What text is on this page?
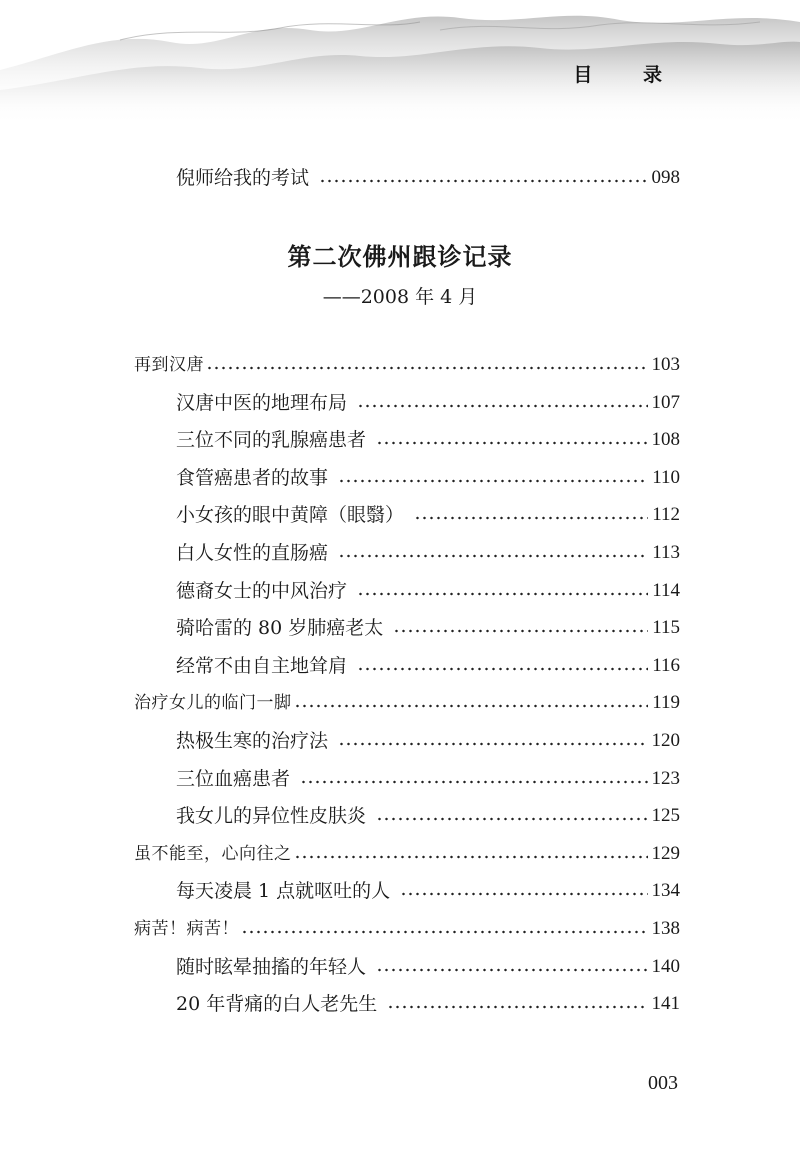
目 录
倪师给我的考试	098
第二次佛州跟诊记录
——2008 年 4 月
再到汉唐	103
汉唐中医的地理布局	107
三位不同的乳腺癌患者	108
食管癌患者的故事	110
小女孩的眼中黄障（眼翳）	112
白人女性的直肠癌	113
德裔女士的中风治疗	114
骑哈雷的 80 岁肺癌老太	115
经常不由自主地耸肩	116
治疗女儿的临门一脚	119
热极生寒的治疗法	120
三位血癌患者	123
我女儿的异位性皮肤炎	125
虽不能至，心向往之	129
每天凌晨 1 点就呕吐的人	134
病苦！病苦！	138
随时眩晕抽搐的年轻人	140
20 年背痛的白人老先生	141
003
